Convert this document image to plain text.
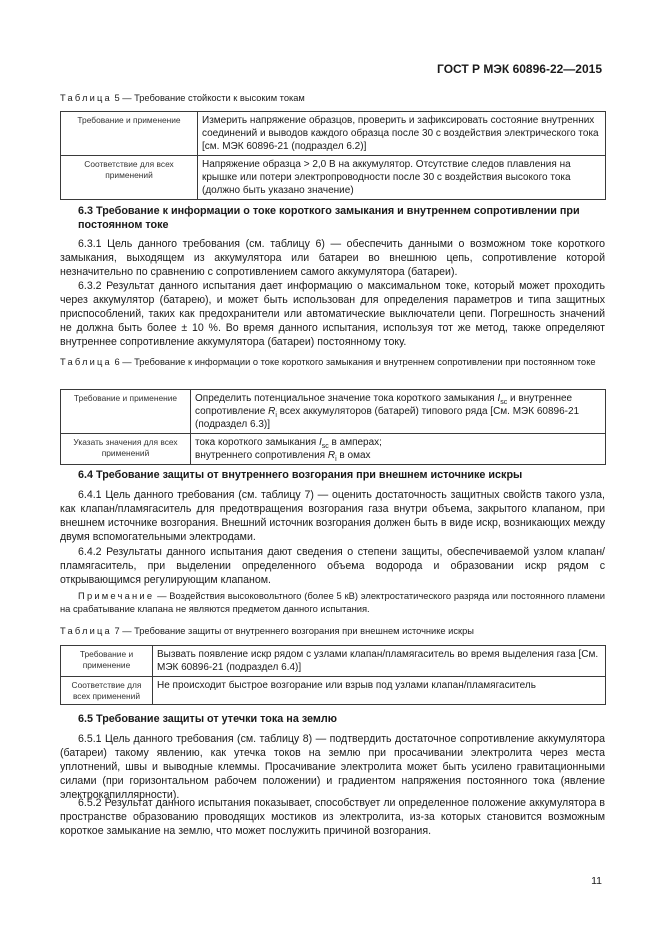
ГОСТ Р МЭК 60896-22—2015
Таблица 5 — Требование стойкости к высоким токам
Требование и применение	Измерить напряжение образцов, проверить и зафиксировать состояние внутренних соединений и выводов каждого образца после 30 с воздействия электрического тока [см. МЭК 60896-21 (подраздел 6.2)]
Соответствие для всех применений	Напряжение образца > 2,0 В на аккумулятор. Отсутствие следов плавления на крышке или потери электропроводности после 30 с воздействия высокого тока (должно быть указано значение)
6.3 Требование к информации о токе короткого замыкания и внутреннем сопротивлении при постоянном токе
6.3.1 Цель данного требования (см. таблицу 6) — обеспечить данными о возможном токе короткого замыкания, выходящем из аккумулятора или батареи во внешнюю цепь, сопротивление которой незначительно по сравнению с сопротивлением самого аккумулятора (батареи).
6.3.2 Результат данного испытания дает информацию о максимальном токе, который может проходить через аккумулятор (батарею), и может быть использован для определения параметров и типа защитных приспособлений, таких как предохранители или автоматические выключатели цепи. Погрешность значений не должна быть более ± 10 %. Во время данного испытания, используя тот же метод, также определяют внутреннее сопротивление аккумулятора (батареи) постоянному току.
Таблица 6 — Требование к информации о токе короткого замыкания и внутреннем сопротивлении при постоянном токе
Требование и применение	Определить потенциальное значение тока короткого замыкания $I_{sc}$ и внутреннее сопротивление $R_i$ всех аккумуляторов (батарей) типового ряда [См. МЭК 60896-21 (подраздел 6.3)]
Указать значения для всех применений	тока короткого замыкания $I_{sc}$ в амперах;
внутреннего сопротивления $R_i$ в омах
6.4 Требование защиты от внутреннего возгорания при внешнем источнике искры
6.4.1 Цель данного требования (см. таблицу 7) — оценить достаточность защитных свойств такого узла, как клапан/пламягаситель для предотвращения возгорания газа внутри объема, закрытого клапаном, при внешнем источнике возгорания. Внешний источник возгорания должен быть в виде искр, возникающих между двумя вспомогательными электродами.
6.4.2 Результаты данного испытания дают сведения о степени защиты, обеспечиваемой узлом клапан/пламягаситель, при выделении определенного объема водорода и образовании искр рядом с открывающимся регулирующим клапаном.
Примечание — Воздействия высоковольтного (более 5 кВ) электростатического разряда или постоянного пламени на срабатывание клапана не являются предметом данного испытания.
Таблица 7 — Требование защиты от внутреннего возгорания при внешнем источнике искры
Требование и применение	Вызвать появление искр рядом с узлами клапан/пламягаситель во время выделения газа [См. МЭК 60896-21 (подраздел 6.4)]
Соответствие для всех применений	Не происходит быстрое возгорание или взрыв под узлами клапан/пламягаситель
6.5 Требование защиты от утечки тока на землю
6.5.1 Цель данного требования (см. таблицу 8) — подтвердить достаточное сопротивление аккумулятора (батареи) такому явлению, как утечка токов на землю при просачивании электролита через места уплотнений, швы и выводные клеммы. Просачивание электролита может быть усилено гравитационными силами (при горизонтальном рабочем положении) и градиентом напряжения постоянного тока (явление электрокапиллярности).
6.5.2 Результат данного испытания показывает, способствует ли определенное положение аккумулятора в пространстве образованию проводящих мостиков из электролита, из-за которых становится возможным короткое замыкание на землю, что может послужить причиной возгорания.
11
